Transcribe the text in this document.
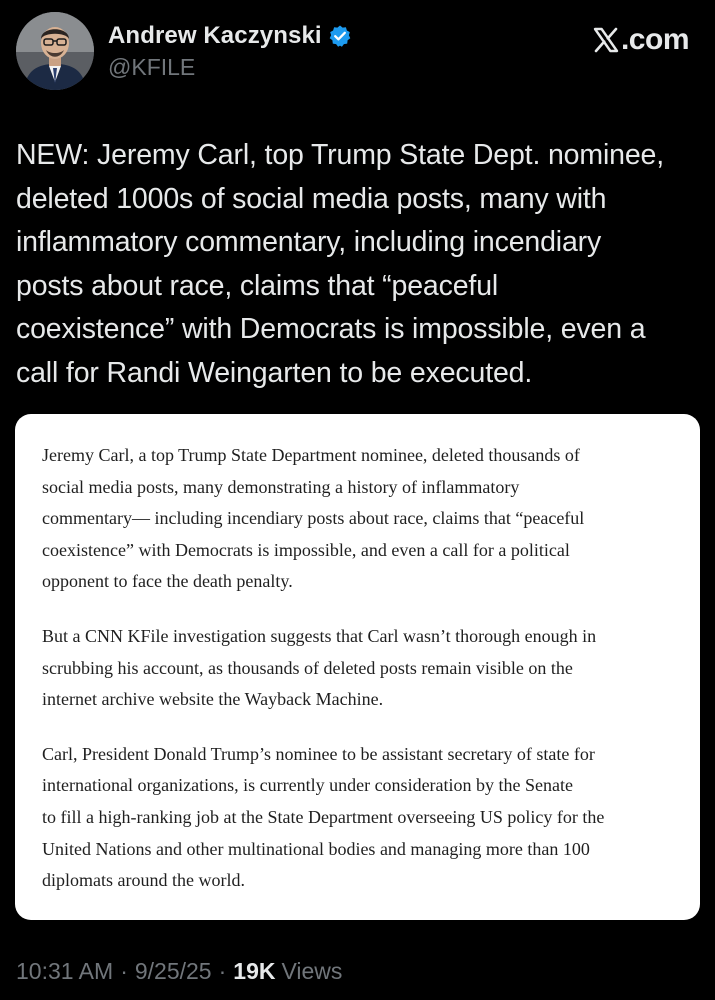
Andrew Kaczynski
@KFILE
.com
NEW: Jeremy Carl, top Trump State Dept. nominee,
deleted 1000s of social media posts, many with
inflammatory commentary, including incendiary
posts about race, claims that “peaceful
coexistence” with Democrats is impossible, even a
call for Randi Weingarten to be executed.

Jeremy Carl, a top Trump State Department nominee, deleted thousands of
social media posts, many demonstrating a history of inflammatory
commentary— including incendiary posts about race, claims that “peaceful
coexistence” with Democrats is impossible, and even a call for a political
opponent to face the death penalty.

But a CNN KFile investigation suggests that Carl wasn’t thorough enough in
scrubbing his account, as thousands of deleted posts remain visible on the
internet archive website the Wayback Machine.

Carl, President Donald Trump’s nominee to be assistant secretary of state for
international organizations, is currently under consideration by the Senate
to fill a high-ranking job at the State Department overseeing US policy for the
United Nations and other multinational bodies and managing more than 100
diplomats around the world.

10:31 AM · 9/25/25 · 19K Views
